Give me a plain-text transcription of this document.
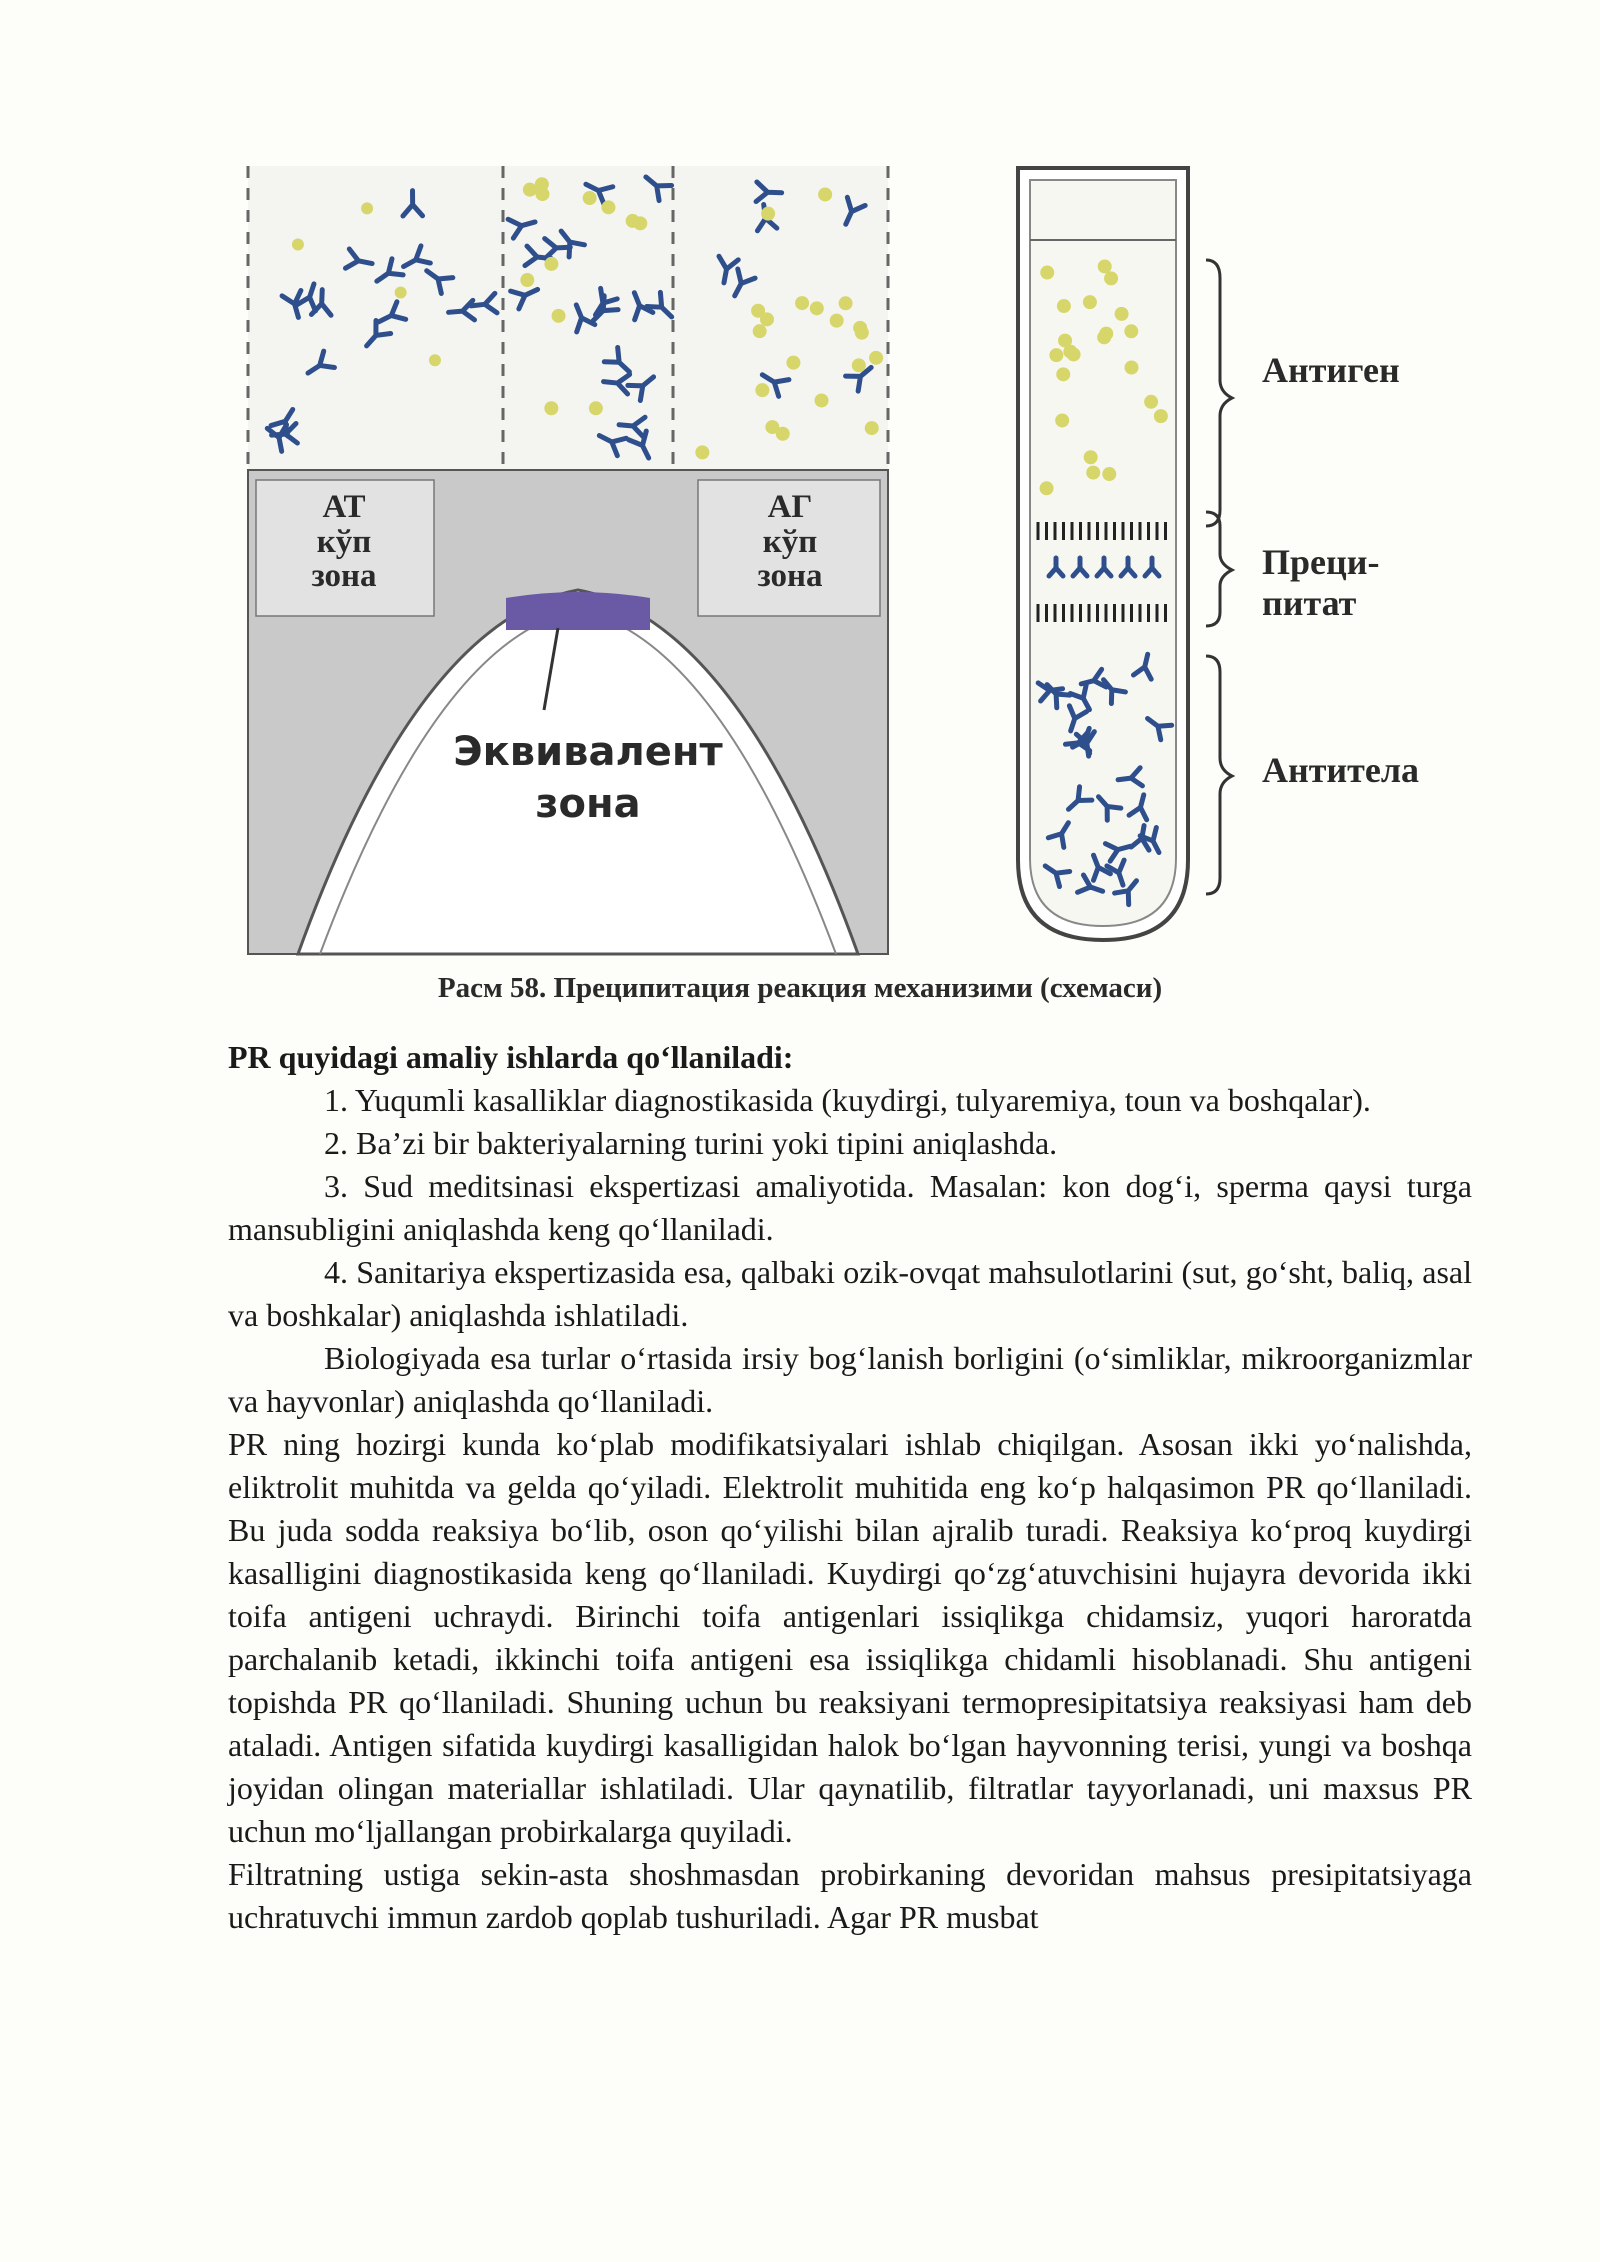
АТ
кўп
зона
АГ
кўп
зона
Эквивалент
зона
Антиген
Преци-
питат
Антитела
Расм 58. Преципитация реакция механизими (схемаси)

PR quyidagi amaliy ishlarda qo‘llaniladi:

1. Yuqumli kasalliklar diagnostikasida (kuydirgi, tulyaremiya, toun va boshqalar).

2. Ba’zi bir bakteriyalarning turini yoki tipini aniqlashda.

3. Sud meditsinasi ekspertizasi amaliyotida. Masalan: kon dog‘i, sperma qaysi turga mansubligini aniqlashda keng qo‘llaniladi.

4. Sanitariya ekspertizasida esa, qalbaki ozik-ovqat mahsulotlarini (sut, go‘sht, baliq, asal va boshkalar) aniqlashda ishlatiladi.

Biologiyada esa turlar o‘rtasida irsiy bog‘lanish borligini (o‘simliklar, mikroorganizmlar va hayvonlar) aniqlashda qo‘llaniladi.

PR ning hozirgi kunda ko‘plab modifikatsiyalari ishlab chiqilgan. Asosan ikki yo‘nalishda, eliktrolit muhitda va gelda qo‘yiladi. Elektrolit muhitida eng ko‘p halqasimon PR qo‘llaniladi. Bu juda sodda reaksiya bo‘lib, oson qo‘yilishi bilan ajralib turadi. Reaksiya ko‘proq kuydirgi kasalligini diagnostikasida keng qo‘llaniladi. Kuydirgi qo‘zg‘atuvchisini hujayra devorida ikki toifa antigeni uchraydi. Birinchi toifa antigenlari issiqlikga chidamsiz, yuqori haroratda parchalanib ketadi, ikkinchi toifa antigeni esa issiqlikga chidamli hisoblanadi. Shu antigeni topishda PR qo‘llaniladi. Shuning uchun bu reaksiyani termopresipitatsiya reaksiyasi ham deb ataladi. Antigen sifatida kuydirgi kasalligidan halok bo‘lgan hayvonning terisi, yungi va boshqa joyidan olingan materiallar ishlatiladi. Ular qaynatilib, filtratlar tayyorlanadi, uni maxsus PR uchun mo‘ljallangan probirkalarga quyiladi.

Filtratning ustiga sekin-asta shoshmasdan probirkaning devoridan mahsus presipitatsiyaga uchratuvchi immun zardob qoplab tushuriladi. Agar PR musbat
